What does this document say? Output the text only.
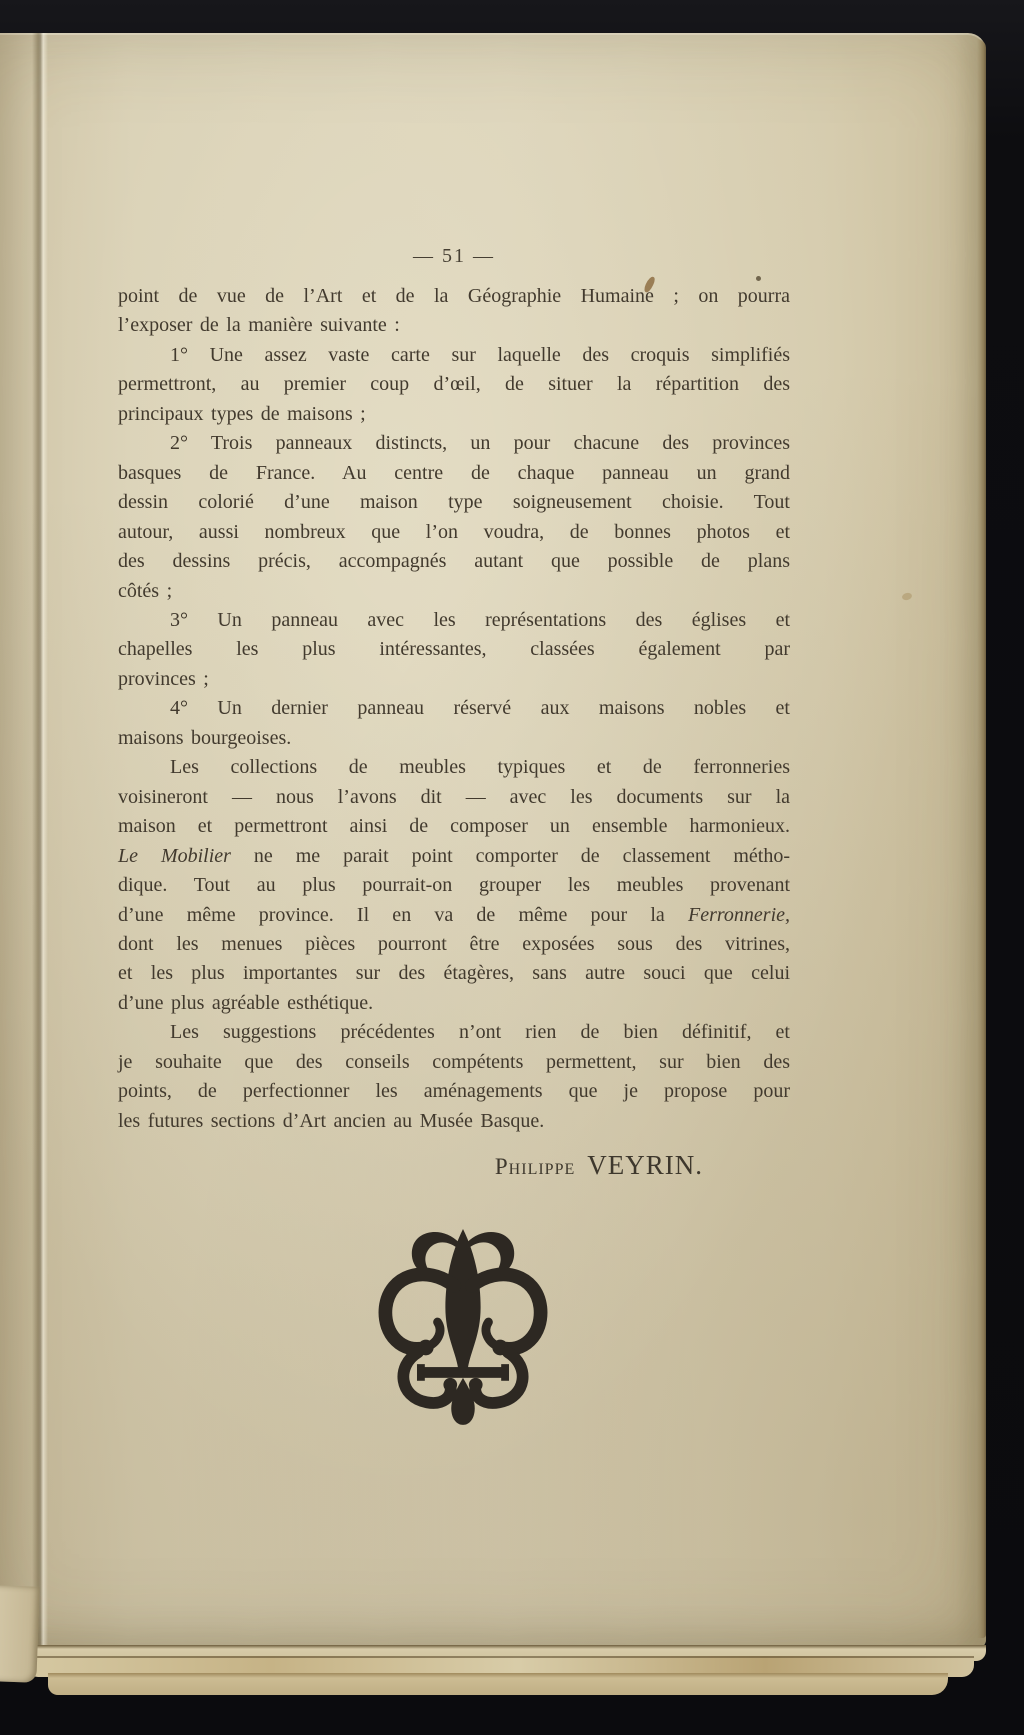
— 51 —
point de vue de l’Art et de la Géographie Humaine ; on pourra
l’exposer de la manière suivante :
1° Une assez vaste carte sur laquelle des croquis simplifiés
permettront, au premier coup d’œil, de situer la répartition des
principaux types de maisons ;
2° Trois panneaux distincts, un pour chacune des provinces
basques de France. Au centre de chaque panneau un grand
dessin colorié d’une maison type soigneusement choisie. Tout
autour, aussi nombreux que l’on voudra, de bonnes photos et
des dessins précis, accompagnés autant que possible de plans
côtés ;
3° Un panneau avec les représentations des églises et
chapelles les plus intéressantes, classées également par
provinces ;
4° Un dernier panneau réservé aux maisons nobles et
maisons bourgeoises.
Les collections de meubles typiques et de ferronneries
voisineront — nous l’avons dit — avec les documents sur la
maison et permettront ainsi de composer un ensemble harmonieux.
Le Mobilier ne me parait point comporter de classement métho-
dique. Tout au plus pourrait-on grouper les meubles provenant
d’une même province. Il en va de même pour la Ferronnerie,
dont les menues pièces pourront être exposées sous des vitrines,
et les plus importantes sur des étagères, sans autre souci que celui
d’une plus agréable esthétique.
Les suggestions précédentes n’ont rien de bien définitif, et
je souhaite que des conseils compétents permettent, sur bien des
points, de perfectionner les aménagements que je propose pour
les futures sections d’Art ancien au Musée Basque.
Philippe VEYRIN.
